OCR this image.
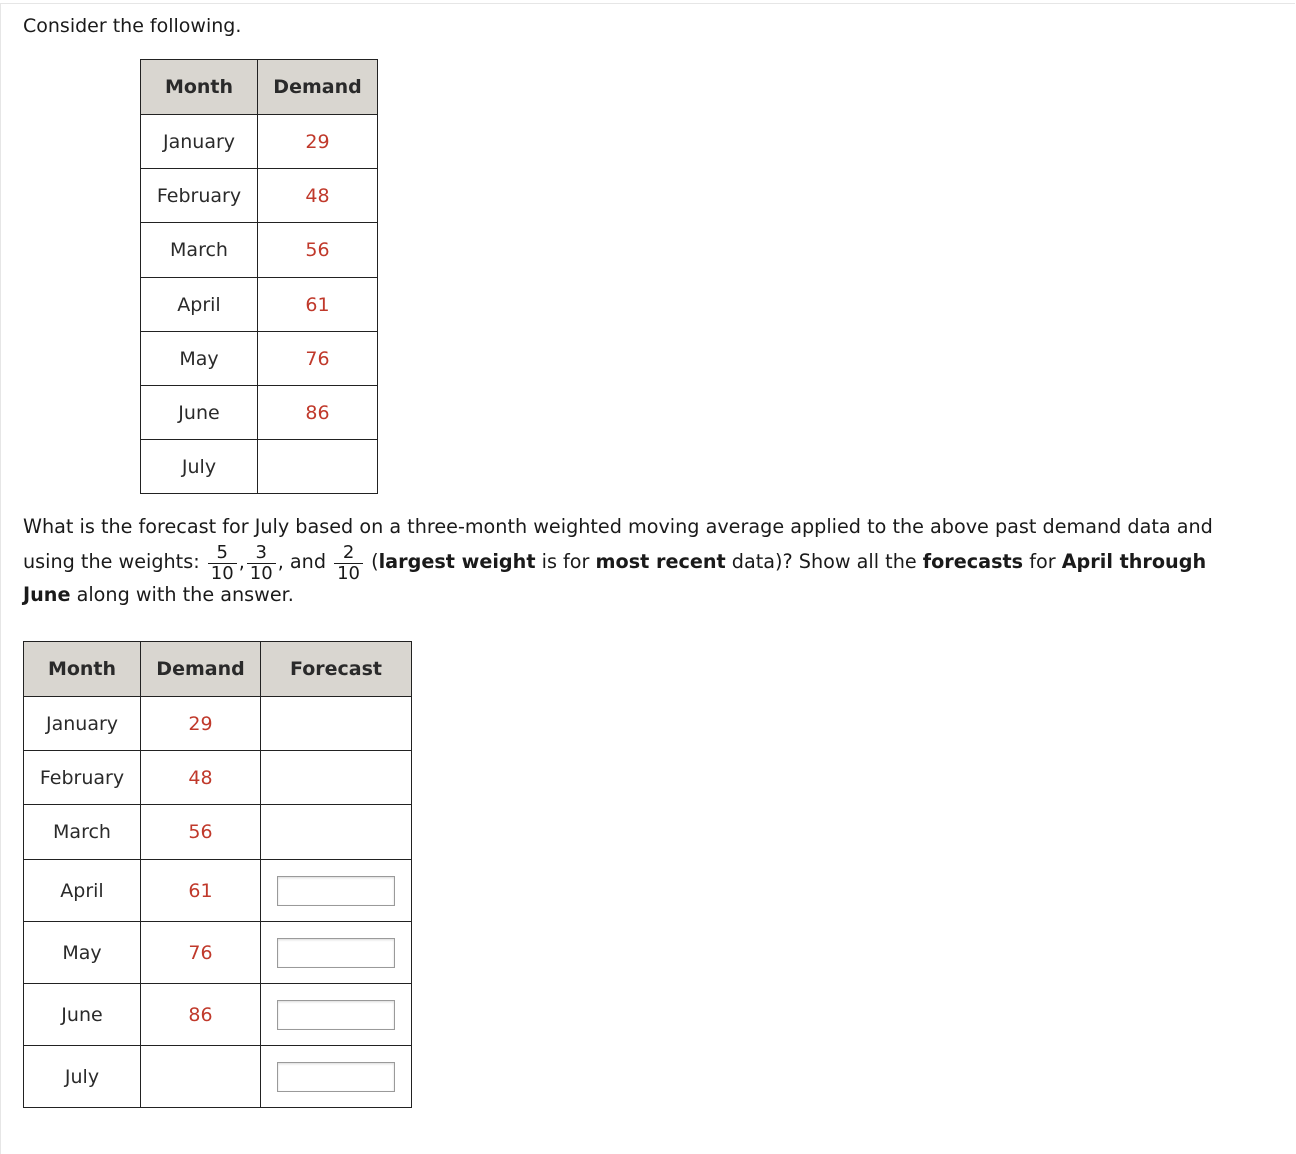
Consider the following.

Month	Demand
January	29
February	48
March	56
April	61
May	76
June	86
July	
What is the forecast for July based on a three-month weighted moving average applied to the above past demand data and
using the weights: $\frac{5}{10}$ , $\frac{3}{10}$ , and $\frac{2}{10}$ (largest weight is for most recent data)? Show all the forecasts for April through
June along with the answer.
Month	Demand	Forecast
January	29	
February	48	
March	56	
April	61	

May	76	

June	86	

July		
